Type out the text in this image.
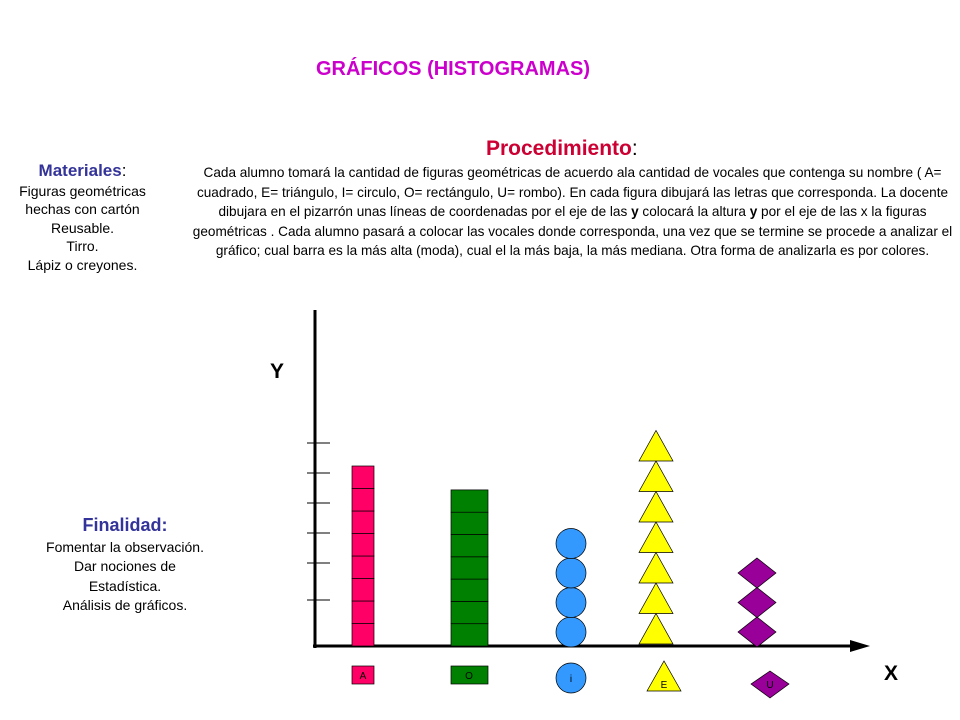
GRÁFICOS (HISTOGRAMAS)
Materiales:
Figuras geométricas
hechas con cartón
Reusable.
Tirro.
Lápiz o creyones.
Procedimiento:
Cada alumno tomará la cantidad de figuras geométricas de acuerdo ala cantidad de vocales que contenga su nombre ( A= cuadrado, E= triángulo, I= circulo, O= rectángulo, U= rombo). En cada figura dibujará las letras que corresponda. La docente dibujara en el pizarrón unas líneas de coordenadas por el eje de las y colocará la altura y por el eje de las x la figuras geométricas . Cada alumno pasará a colocar las vocales donde corresponda, una vez que se termine se procede a analizar el gráfico; cual barra es la más alta (moda), cual el la más baja, la más mediana. Otra forma de analizarla es por colores.
Finalidad:
Fomentar la observación.
Dar nociones de
Estadística.
Análisis de gráficos.
Y
X
A	O	i
E	U
